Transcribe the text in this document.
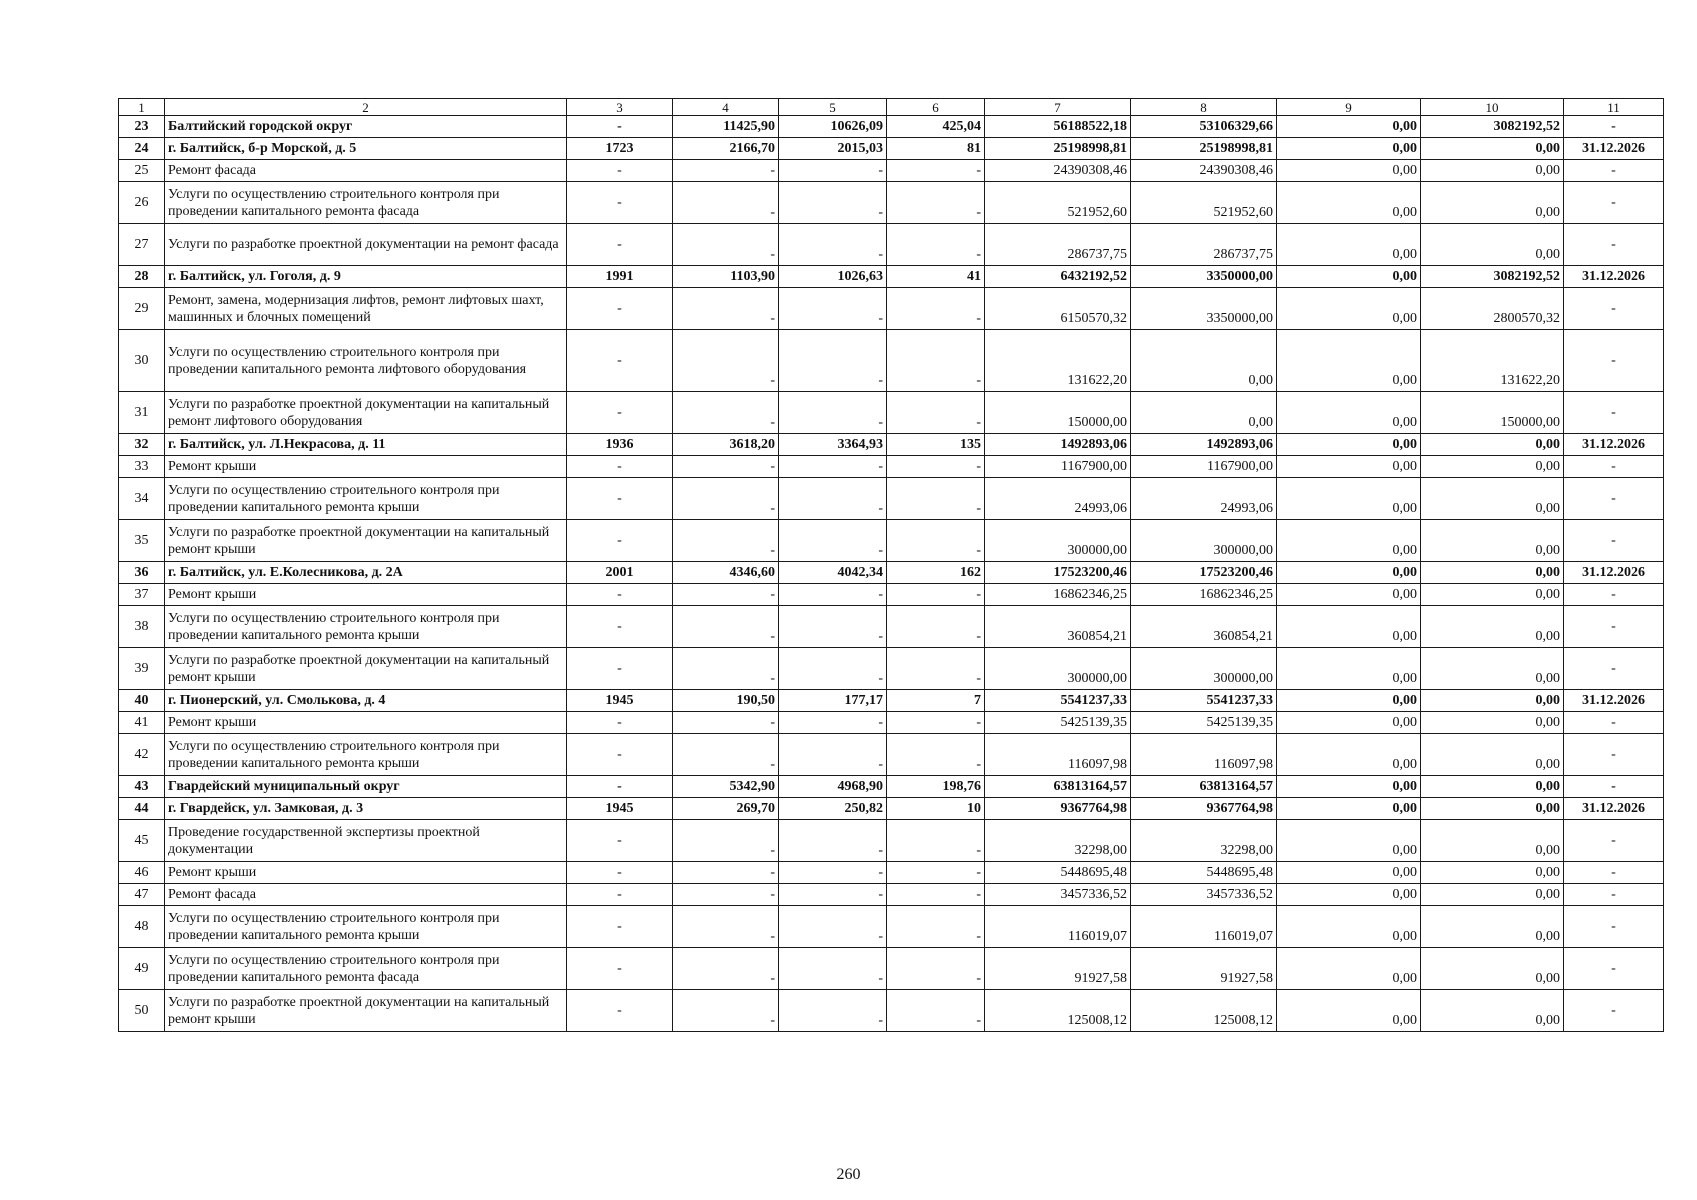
1	2	3	4	5	6	7	8	9	10	11
23	Балтийский городской округ	-	11425,90	10626,09	425,04	56188522,18	53106329,66	0,00	3082192,52	-
24	г. Балтийск, б-р Морской, д. 5	1723	2166,70	2015,03	81	25198998,81	25198998,81	0,00	0,00	31.12.2026
25	Ремонт фасада	-	-	-	-	24390308,46	24390308,46	0,00	0,00	-
26	Услуги по осуществлению строительного контроля при проведении капитального ремонта фасада	-	-	-	-	521952,60	521952,60	0,00	0,00	-
27	Услуги по разработке проектной документации на ремонт фасада	-	-	-	-	286737,75	286737,75	0,00	0,00	-
28	г. Балтийск, ул. Гоголя, д. 9	1991	1103,90	1026,63	41	6432192,52	3350000,00	0,00	3082192,52	31.12.2026
29	Ремонт, замена, модернизация лифтов, ремонт лифтовых шахт, машинных и блочных помещений	-	-	-	-	6150570,32	3350000,00	0,00	2800570,32	-
30	Услуги по осуществлению строительного контроля при проведении капитального ремонта лифтового оборудования	-	-	-	-	131622,20	0,00	0,00	131622,20	-
31	Услуги по разработке проектной документации на капитальный ремонт лифтового оборудования	-	-	-	-	150000,00	0,00	0,00	150000,00	-
32	г. Балтийск, ул. Л.Некрасова, д. 11	1936	3618,20	3364,93	135	1492893,06	1492893,06	0,00	0,00	31.12.2026
33	Ремонт крыши	-	-	-	-	1167900,00	1167900,00	0,00	0,00	-
34	Услуги по осуществлению строительного контроля при проведении капитального ремонта крыши	-	-	-	-	24993,06	24993,06	0,00	0,00	-
35	Услуги по разработке проектной документации на капитальный ремонт крыши	-	-	-	-	300000,00	300000,00	0,00	0,00	-
36	г. Балтийск, ул. Е.Колесникова, д. 2А	2001	4346,60	4042,34	162	17523200,46	17523200,46	0,00	0,00	31.12.2026
37	Ремонт крыши	-	-	-	-	16862346,25	16862346,25	0,00	0,00	-
38	Услуги по осуществлению строительного контроля при проведении капитального ремонта крыши	-	-	-	-	360854,21	360854,21	0,00	0,00	-
39	Услуги по разработке проектной документации на капитальный ремонт крыши	-	-	-	-	300000,00	300000,00	0,00	0,00	-
40	г. Пионерский, ул. Смолькова, д. 4	1945	190,50	177,17	7	5541237,33	5541237,33	0,00	0,00	31.12.2026
41	Ремонт крыши	-	-	-	-	5425139,35	5425139,35	0,00	0,00	-
42	Услуги по осуществлению строительного контроля при проведении капитального ремонта крыши	-	-	-	-	116097,98	116097,98	0,00	0,00	-
43	Гвардейский муниципальный округ	-	5342,90	4968,90	198,76	63813164,57	63813164,57	0,00	0,00	-
44	г. Гвардейск, ул. Замковая, д. 3	1945	269,70	250,82	10	9367764,98	9367764,98	0,00	0,00	31.12.2026
45	Проведение государственной экспертизы проектной документации	-	-	-	-	32298,00	32298,00	0,00	0,00	-
46	Ремонт крыши	-	-	-	-	5448695,48	5448695,48	0,00	0,00	-
47	Ремонт фасада	-	-	-	-	3457336,52	3457336,52	0,00	0,00	-
48	Услуги по осуществлению строительного контроля при проведении капитального ремонта крыши	-	-	-	-	116019,07	116019,07	0,00	0,00	-
49	Услуги по осуществлению строительного контроля при проведении капитального ремонта фасада	-	-	-	-	91927,58	91927,58	0,00	0,00	-
50	Услуги по разработке проектной документации на капитальный ремонт крыши	-	-	-	-	125008,12	125008,12	0,00	0,00	-
260
